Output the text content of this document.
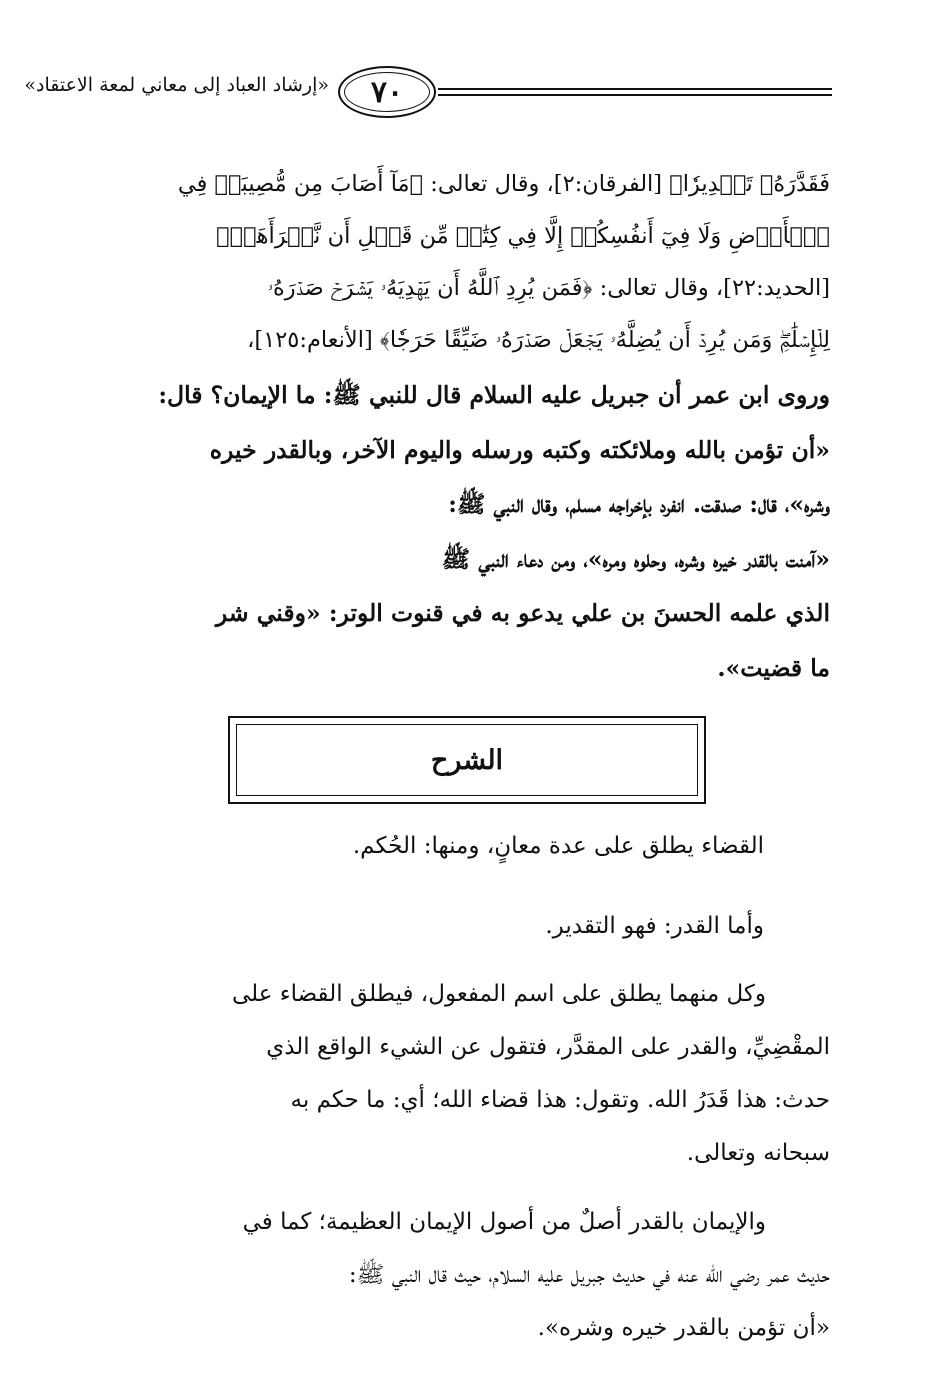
«إرشاد العباد إلى معاني لمعة الاعتقاد» ٧٠
فَقَدَّرَهُۥ تَقۡدِيرٗا﴾ [الفرقان:٢]، وقال تعالى: ﴿مَآ أَصَابَ مِن مُّصِيبَةٖ فِي
ٱلۡأَرۡضِ وَلَا فِيٓ أَنفُسِكُمۡ إِلَّا فِي كِتَٰبٖ مِّن قَبۡلِ أَن نَّبۡرَأَهَآۚ﴾
[الحديد:٢٢]، وقال تعالى: ﴿فَمَن يُرِدِ ٱللَّهُ أَن يَهۡدِيَهُۥ يَشۡرَحۡ صَدۡرَهُۥ
لِلۡإِسۡلَٰمِۖ وَمَن يُرِدۡ أَن يُضِلَّهُۥ يَجۡعَلۡ صَدۡرَهُۥ ضَيِّقًا حَرَجٗا﴾ [الأنعام:١٢٥]،
وروى ابن عمر أن جبريل عليه السلام قال للنبي ﷺ: ما الإيمان؟ قال:
«أن تؤمن بالله وملائكته وكتبه ورسله واليوم الآخر، وبالقدر خيره
وشره»، قال: صدقت. انفرد بإخراجه مسلم، وقال النبي ﷺ:
«آمنت بالقدر خيره وشره، وحلوه ومره»، ومن دعاء النبي ﷺ
الذي علمه الحسنَ بن علي يدعو به في قنوت الوتر: «وقني شر
ما قضيت».
الشرح
القضاء يطلق على عدة معانٍ، ومنها: الحُكم.
وأما القدر: فهو التقدير.
وكل منهما يطلق على اسم المفعول، فيطلق القضاء على
المقْضِيِّ، والقدر على المقدَّر، فتقول عن الشيء الواقع الذي
حدث: هذا قَدَرُ الله. وتقول: هذا قضاء الله؛ أي: ما حكم به
سبحانه وتعالى.
والإيمان بالقدر أصلٌ من أصول الإيمان العظيمة؛ كما في
حديث عمر رضي الله عنه في حديث جبريل عليه السلام، حيث قال النبي ﷺ:
«أن تؤمن بالقدر خيره وشره».
